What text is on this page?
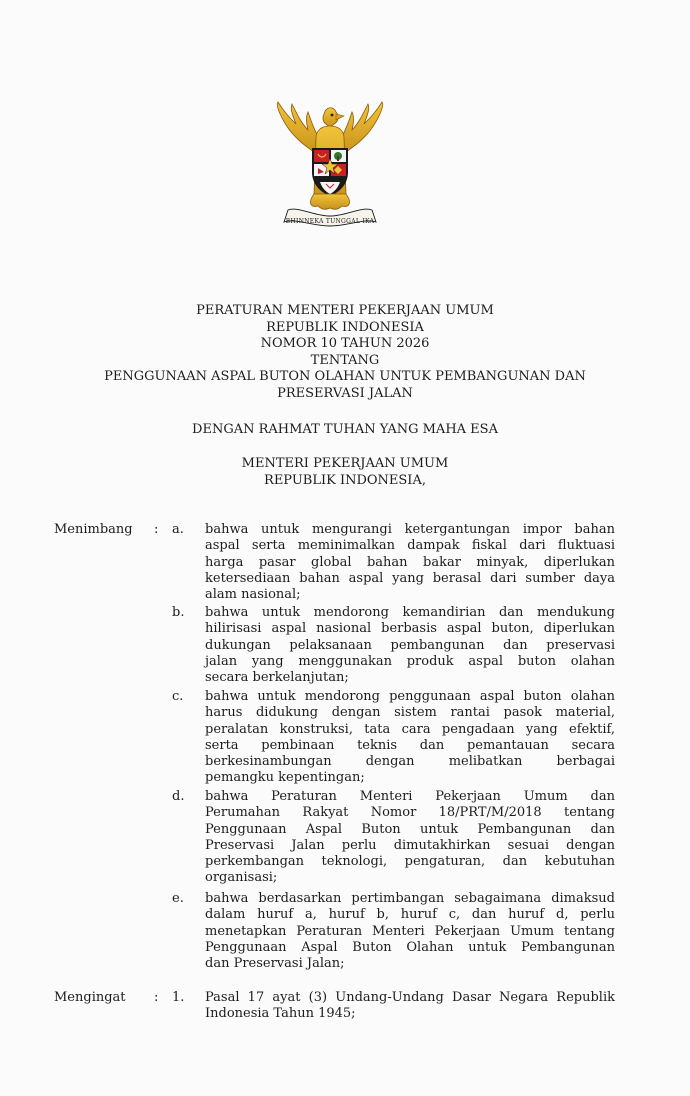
BHINNEKA TUNGGAL IKA
PERATURAN MENTERI PEKERJAAN UMUM
REPUBLIK INDONESIA
NOMOR 10 TAHUN 2026
TENTANG
PENGGUNAAN ASPAL BUTON OLAHAN UNTUK PEMBANGUNAN DAN
PRESERVASI JALAN
DENGAN RAHMAT TUHAN YANG MAHA ESA
MENTERI PEKERJAAN UMUM
REPUBLIK INDONESIA,
Menimbang : a. bahwa untuk mengurangi ketergantungan impor bahan
aspal serta meminimalkan dampak fiskal dari fluktuasi
harga pasar global bahan bakar minyak, diperlukan
ketersediaan bahan aspal yang berasal dari sumber daya
alam nasional;
b. bahwa untuk mendorong kemandirian dan mendukung
hilirisasi aspal nasional berbasis aspal buton, diperlukan
dukungan pelaksanaan pembangunan dan preservasi
jalan yang menggunakan produk aspal buton olahan
secara berkelanjutan;
c. bahwa untuk mendorong penggunaan aspal buton olahan
harus didukung dengan sistem rantai pasok material,
peralatan konstruksi, tata cara pengadaan yang efektif,
serta pembinaan teknis dan pemantauan secara
berkesinambungan dengan melibatkan berbagai
pemangku kepentingan;
d. bahwa Peraturan Menteri Pekerjaan Umum dan
Perumahan Rakyat Nomor 18/PRT/M/2018 tentang
Penggunaan Aspal Buton untuk Pembangunan dan
Preservasi Jalan perlu dimutakhirkan sesuai dengan
perkembangan teknologi, pengaturan, dan kebutuhan
organisasi;
e. bahwa berdasarkan pertimbangan sebagaimana dimaksud
dalam huruf a, huruf b, huruf c, dan huruf d, perlu
menetapkan Peraturan Menteri Pekerjaan Umum tentang
Penggunaan Aspal Buton Olahan untuk Pembangunan
dan Preservasi Jalan;
Mengingat : 1. Pasal 17 ayat (3) Undang-Undang Dasar Negara Republik
Indonesia Tahun 1945;
